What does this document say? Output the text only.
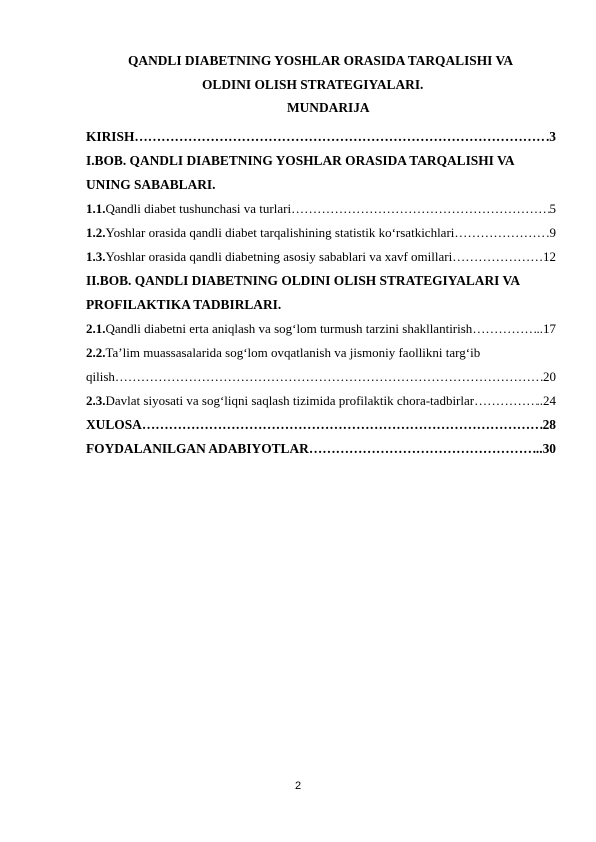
QANDLI DIABETNING YOSHLAR ORASIDA TARQALISHI VA
OLDINI OLISH STRATEGIYALARI.
MUNDARIJA
KIRISH ……………………………………………………………………………………………………………………………………………………………………	.3
I.BOB. QANDLI DIABETNING YOSHLAR ORASIDA TARQALISHI VA
UNING SABABLARI.
1.1.Qandli diabet tushunchasi va turlari ……………………………………………………………………………………………………………………………………………………………………	5
1.2.Yoshlar orasida qandli diabet tarqalishining statistik ko‘rsatkichlari ……………………………………………………………………………………………………………………………………………………………………	.9
1.3.Yoshlar orasida qandli diabetning asosiy sabablari va xavf omillari ……………………………………………………………………………………………………………………………………………………………………	12
II.BOB. QANDLI DIABETNING OLDINI OLISH STRATEGIYALARI VA
PROFILAKTIKA TADBIRLARI.
2.1.Qandli diabetni erta aniqlash va sog‘lom turmush tarzini shakllantirish ……………………………………………………………………………………………………………………………………………………………………	..17
2.2.Ta’lim muassasalarida sog‘lom ovqatlanish va jismoniy faollikni targ‘ib
qilish ……………………………………………………………………………………………………………………………………………………………………	20
2.3.Davlat siyosati va sog‘liqni saqlash tizimida profilaktik chora-tadbirlar ……………………………………………………………………………………………………………………………………………………………………	..24
XULOSA ……………………………………………………………………………………………………………………………………………………………………	28
FOYDALANILGAN ADABIYOTLAR ……………………………………………………………………………………………………………………………………………………………………	..30
2
